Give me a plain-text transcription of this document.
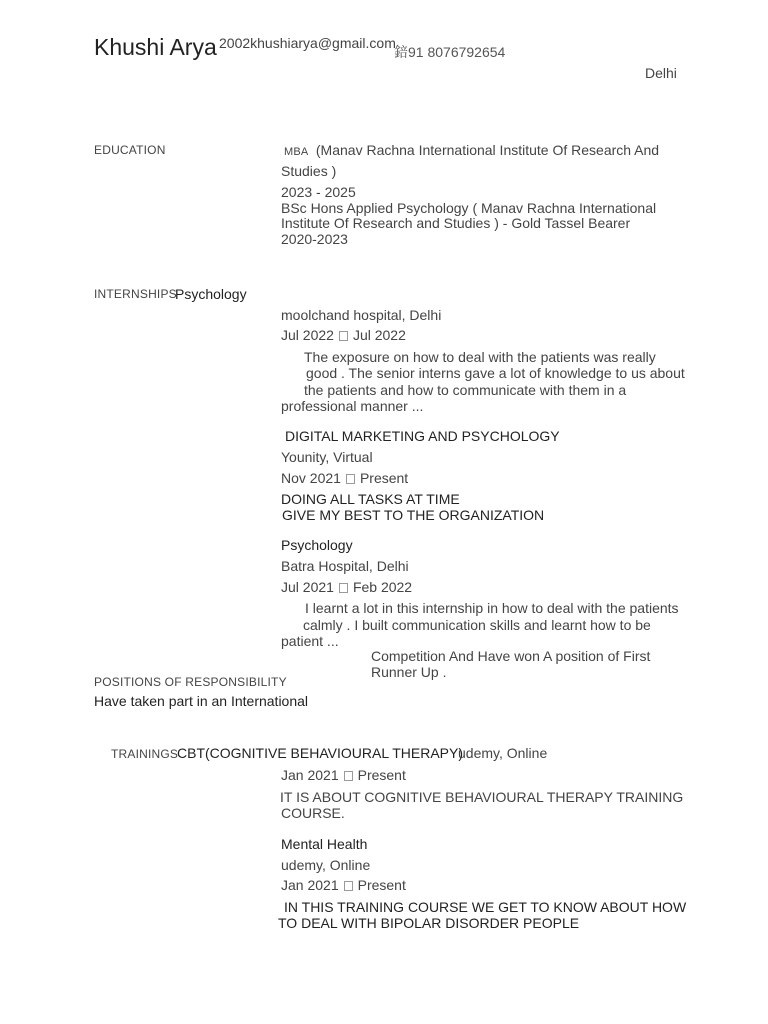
Khushi Arya 2002khushiarya@gmail.com
錇91 8076792654
Delhi
EDUCATION	MBA (Manav Rachna International Institute Of Research And
Studies )
2023 - 2025
BSc Hons Applied Psychology ( Manav Rachna International
Institute Of Research and Studies ) - Gold Tassel Bearer
2020-2023
INTERNSHIPS
Psychology
moolchand hospital, Delhi
Jul 2022 Jul 2022
The exposure on how to deal with the patients was really
good . The senior interns gave a lot of knowledge to us about
the patients and how to communicate with them in a
professional manner ...
DIGITAL MARKETING AND PSYCHOLOGY
Younity, Virtual
Nov 2021 Present
DOING ALL TASKS AT TIME
GIVE MY BEST TO THE ORGANIZATION
Psychology
Batra Hospital, Delhi
Jul 2021 Feb 2022
I learnt a lot in this internship in how to deal with the patients
calmly . I built communication skills and learnt how to be
patient ...
Competition And Have won A position of First
Runner Up .
POSITIONS OF RESPONSIBILITY
Have taken part in an International
TRAININGS
CBT(COGNITIVE BEHAVIOURAL THERAPY)
udemy, Online
Jan 2021 Present
IT IS ABOUT COGNITIVE BEHAVIOURAL THERAPY TRAINING
COURSE.
Mental Health
udemy, Online
Jan 2021 Present
IN THIS TRAINING COURSE WE GET TO KNOW ABOUT HOW
TO DEAL WITH BIPOLAR DISORDER PEOPLE
